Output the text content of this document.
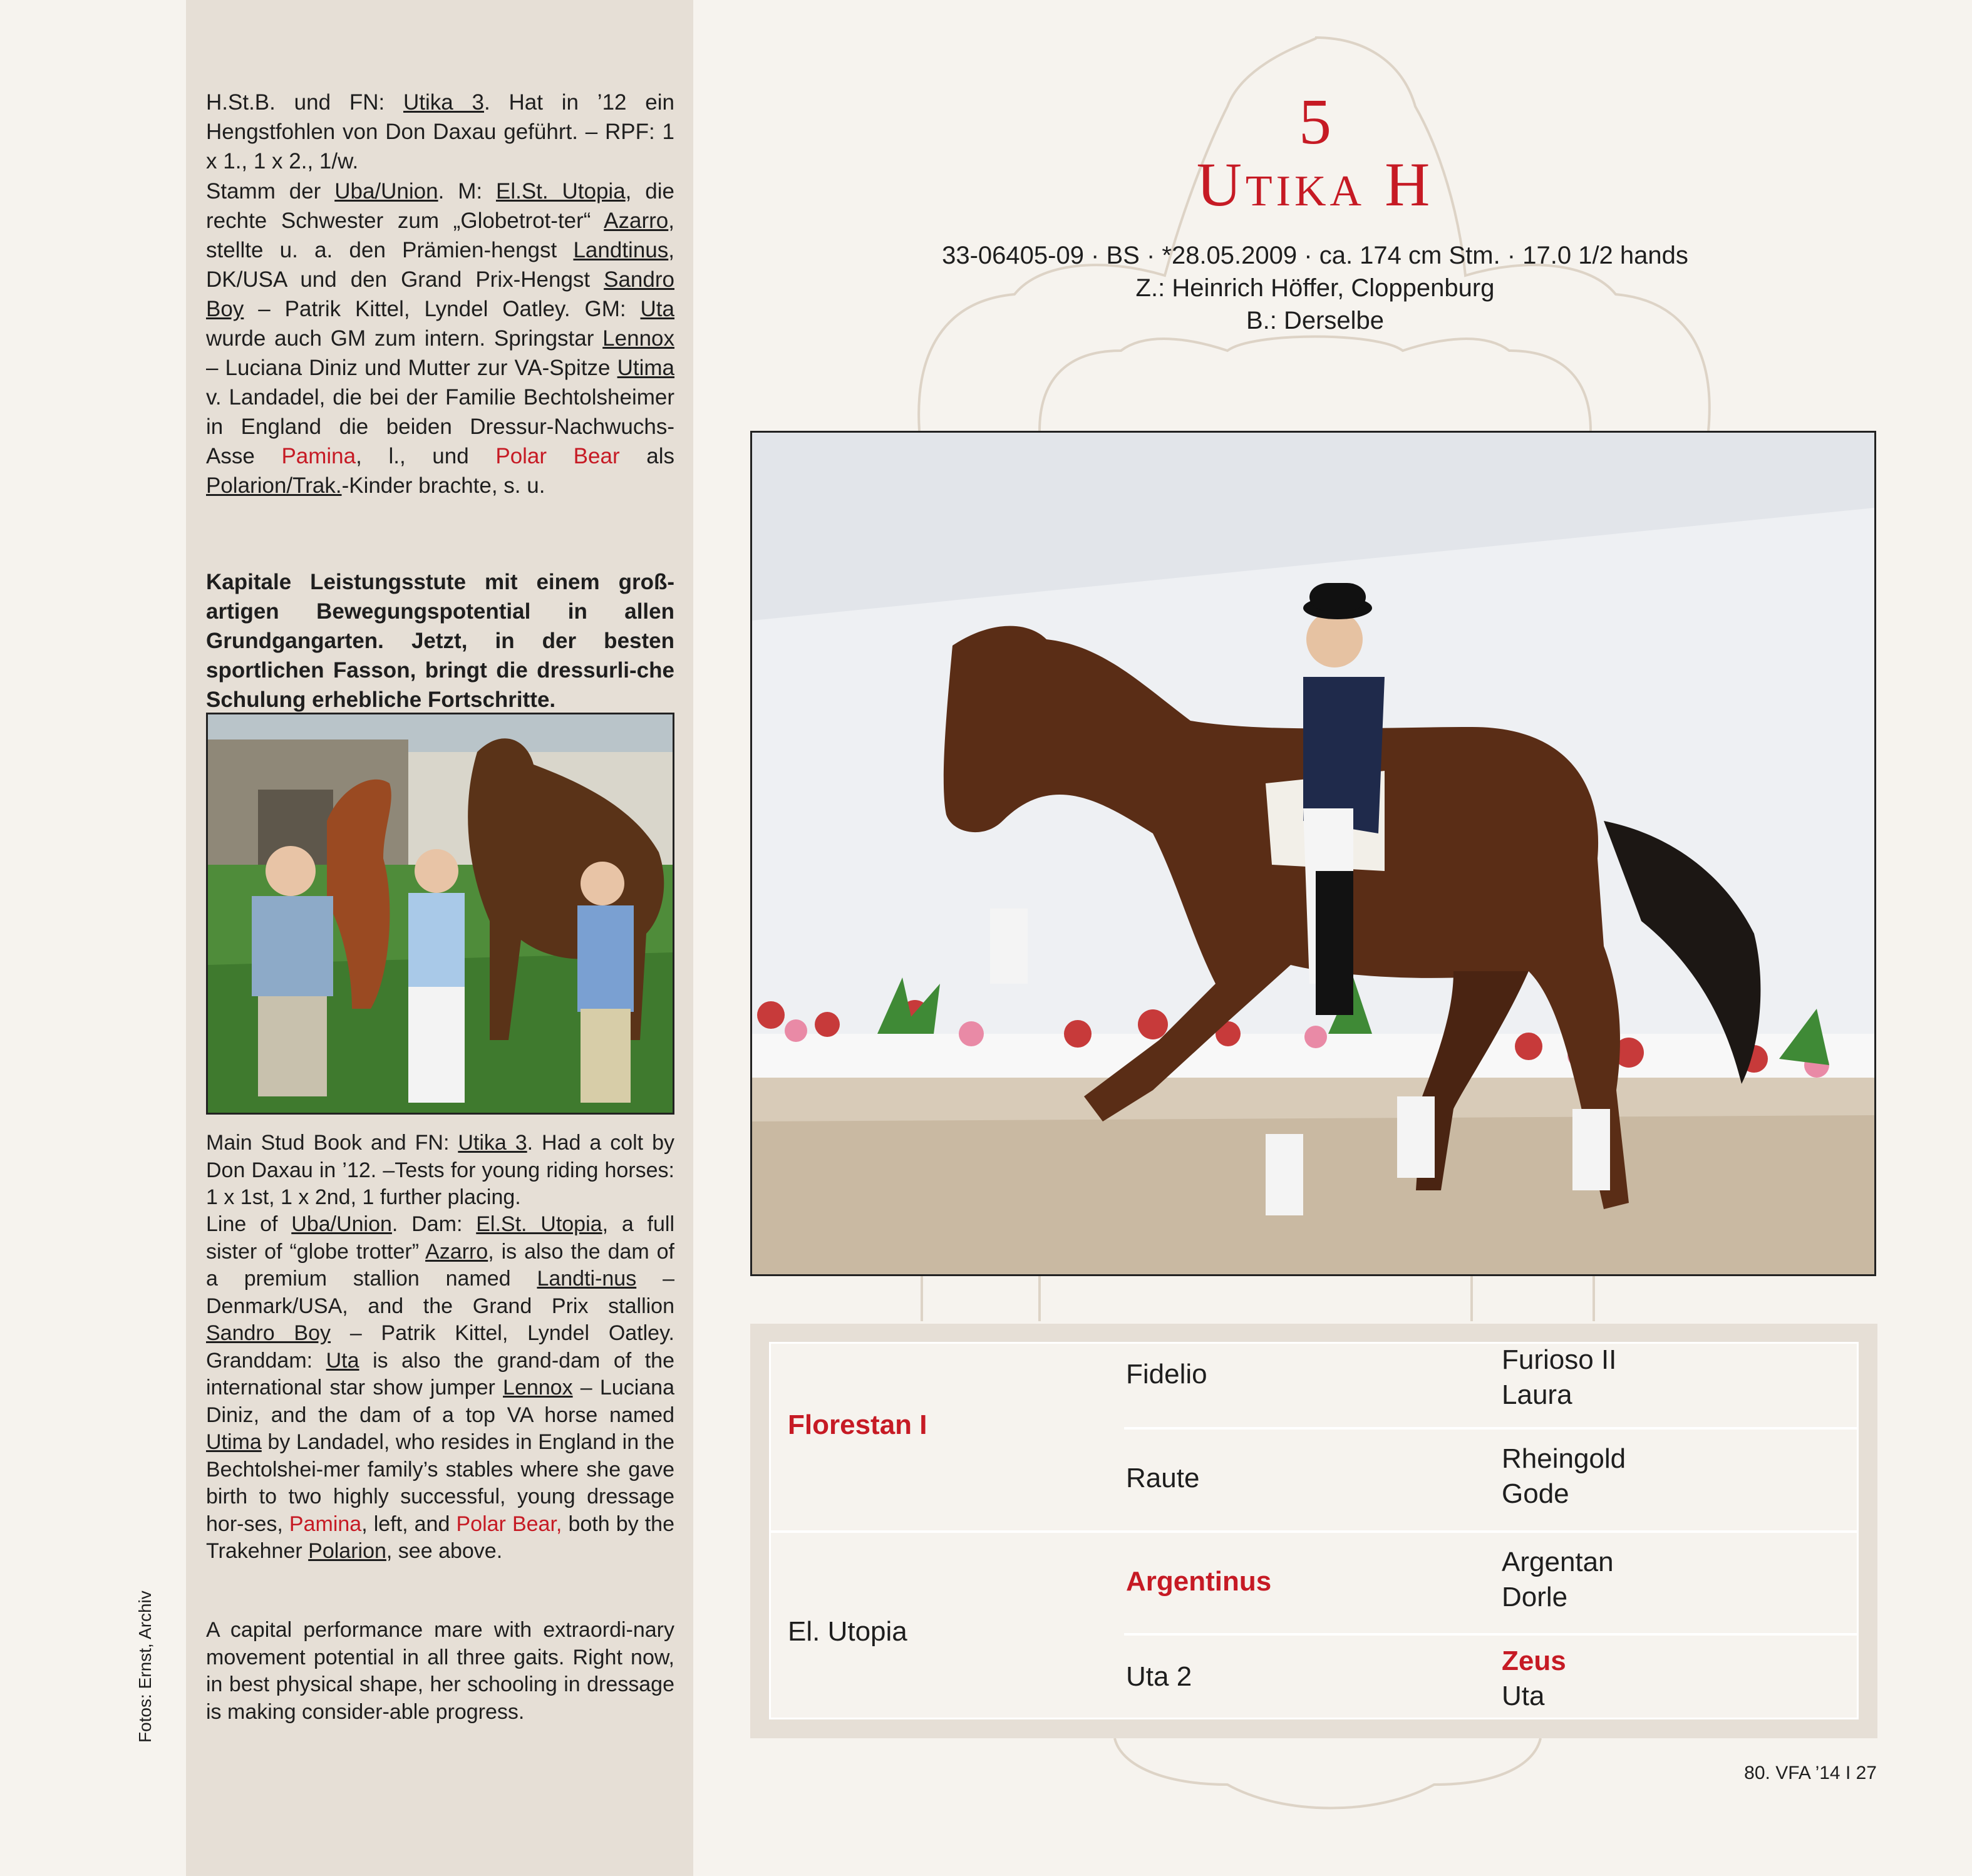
H.St.B. und FN: Utika 3. Hat in ’12 ein Hengstfohlen von Don Daxau geführt. – RPF: 1 x 1., 1 x 2., 1/w.

Stamm der Uba/Union. M: El.St. Utopia, die rechte Schwester zum „Globetrot-ter“ Azarro, stellte u. a. den Prämien-hengst Landtinus, DK/USA und den Grand Prix-Hengst Sandro Boy – Patrik Kittel, Lyndel Oatley. GM: Uta wurde auch GM zum intern. Springstar Lennox – Luciana Diniz und Mutter zur VA-Spitze Utima v. Landadel, die bei der Familie Bechtolsheimer in England die beiden Dressur-Nachwuchs-Asse Pamina, l., und Polar Bear als Polarion/Trak.-Kinder brachte, s. u.

Kapitale Leistungsstute mit einem groß-artigen Bewegungspotential in allen Grundgangarten. Jetzt, in der besten sportlichen Fasson, bringt die dressurli-che Schulung erhebliche Fortschritte.

Main Stud Book and FN: Utika 3. Had a colt by Don Daxau in ’12. –Tests for young riding horses: 1 x 1st, 1 x 2nd, 1 further placing.

Line of Uba/Union. Dam: El.St. Utopia, a full sister of “globe trotter” Azarro, is also the dam of a premium stallion named Landti-nus – Denmark/USA, and the Grand Prix stallion Sandro Boy – Patrik Kittel, Lyndel Oatley. Granddam: Uta is also the grand-dam of the international star show jumper Lennox – Luciana Diniz, and the dam of a top VA horse named Utima by Landadel, who resides in England in the Bechtolshei-mer family’s stables where she gave birth to two highly successful, young dressage hor-ses, Pamina, left, and Polar Bear, both by the Trakehner Polarion, see above.

A capital performance mare with extraordi-nary movement potential in all three gaits. Right now, in best physical shape, her schooling in dressage is making consider-able progress.

Fotos: Ernst, Archiv
5
Utika H
33-06405-09 · BS · *28.05.2009 · ca. 174 cm Stm. · 17.0 1/2 hands
Z.: Heinrich Höffer, Cloppenburg
B.: Derselbe
Florestan I
Fidelio	Furioso II
Laura
Raute
Rheingold
Gode
El. Utopia
Argentinus
Argentan
Dorle
Uta 2
Zeus
Uta
80. VFA ’14 I 27
